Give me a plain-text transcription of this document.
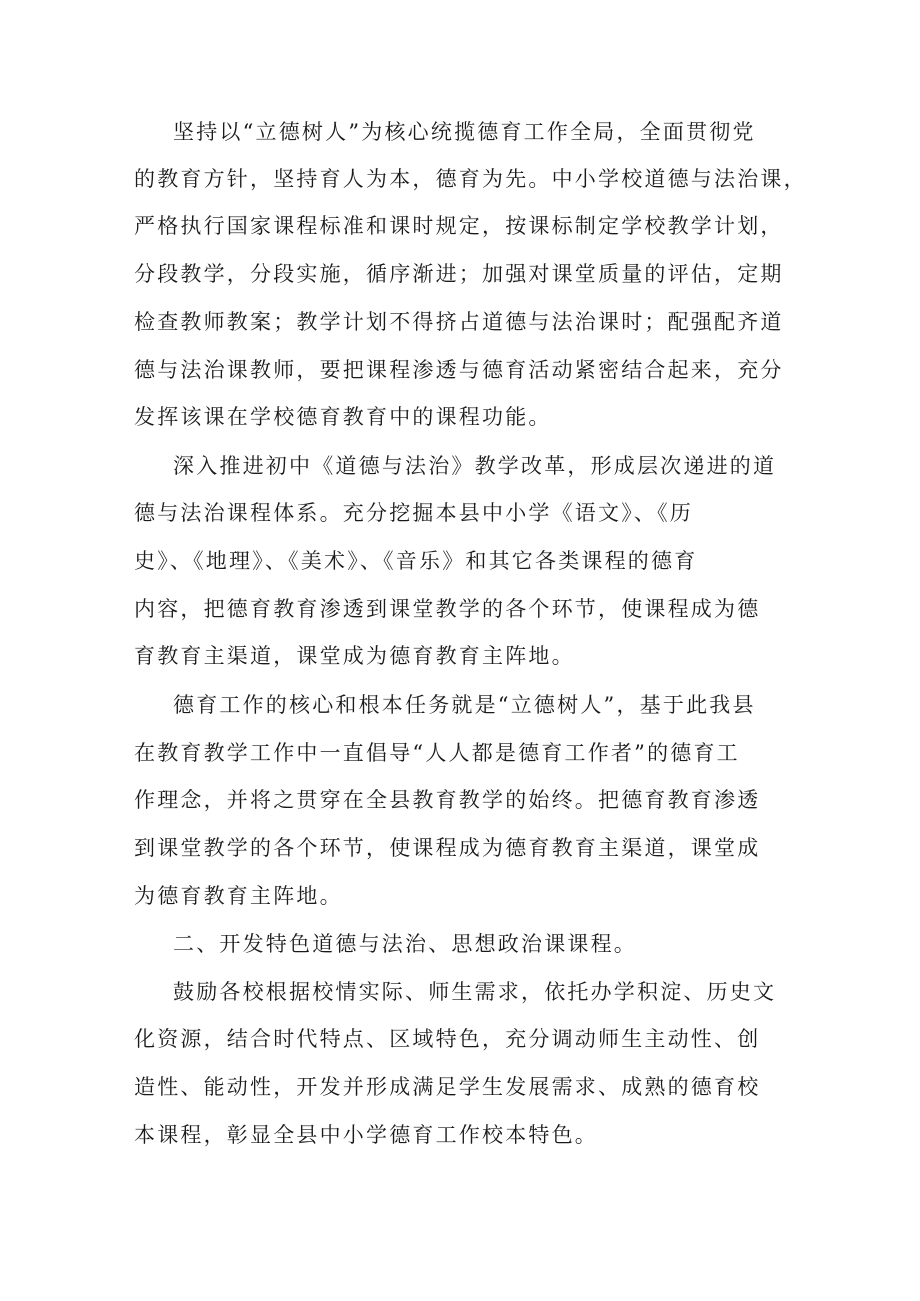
坚持以“立德树人”为核心统揽德育工作全局，全面贯彻党
的教育方针，坚持育人为本，德育为先。中小学校道德与法治课，
严格执行国家课程标准和课时规定，按课标制定学校教学计划，
分段教学，分段实施，循序渐进；加强对课堂质量的评估，定期
检查教师教案；教学计划不得挤占道德与法治课时；配强配齐道
德与法治课教师，要把课程渗透与德育活动紧密结合起来，充分
发挥该课在学校德育教育中的课程功能。
深入推进初中《道德与法治》教学改革，形成层次递进的道
德与法治课程体系。充分挖掘本县中小学《语文》、《历
史》、《地理》、《美术》、《音乐》和其它各类课程的德育
内容，把德育教育渗透到课堂教学的各个环节，使课程成为德
育教育主渠道，课堂成为德育教育主阵地。
德育工作的核心和根本任务就是“立德树人”，基于此我县
在教育教学工作中一直倡导“人人都是德育工作者”的德育工
作理念，并将之贯穿在全县教育教学的始终。把德育教育渗透
到课堂教学的各个环节，使课程成为德育教育主渠道，课堂成
为德育教育主阵地。
二、开发特色道德与法治、思想政治课课程。
鼓励各校根据校情实际、师生需求，依托办学积淀、历史文
化资源，结合时代特点、区域特色，充分调动师生主动性、创
造性、能动性，开发并形成满足学生发展需求、成熟的德育校
本课程，彰显全县中小学德育工作校本特色。
